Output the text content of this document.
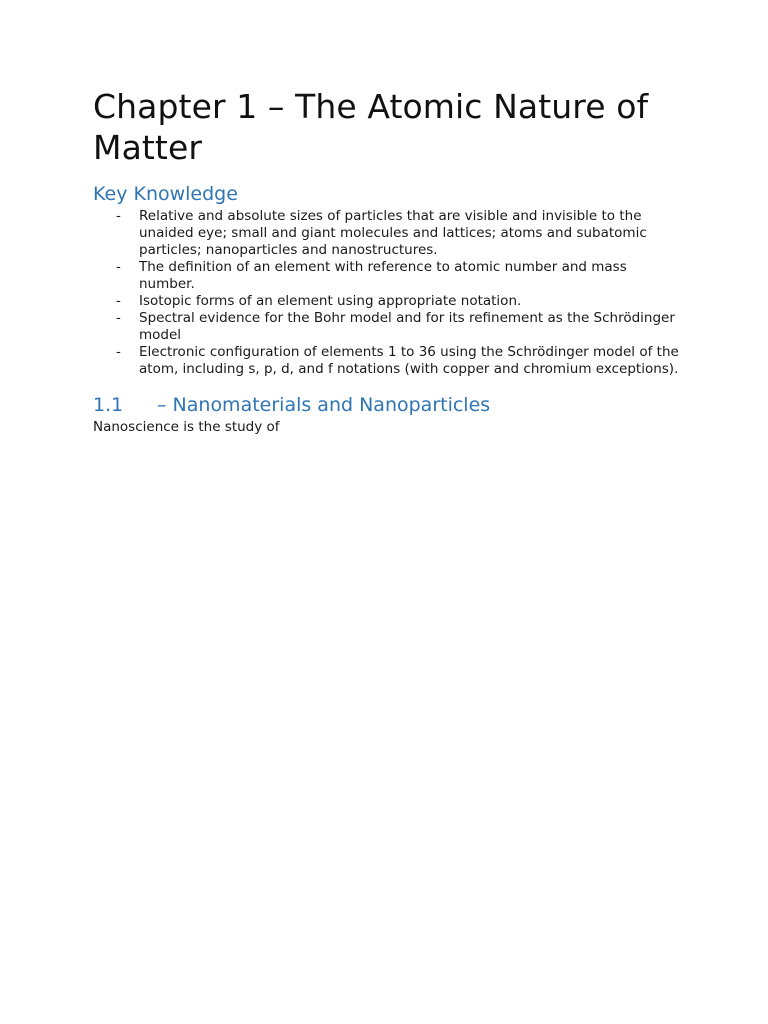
Chapter 1 – The Atomic Nature of Matter
Key Knowledge
- Relative and absolute sizes of particles that are visible and invisible to the unaided eye; small and giant molecules and lattices; atoms and subatomic particles; nanoparticles and nanostructures.
- The definition of an element with reference to atomic number and mass number.
- Isotopic forms of an element using appropriate notation.
- Spectral evidence for the Bohr model and for its refinement as the Schrödinger model
- Electronic configuration of elements 1 to 36 using the Schrödinger model of the atom, including s, p, d, and f notations (with copper and chromium exceptions).
1.1 – Nanomaterials and Nanoparticles

Nanoscience is the study of
